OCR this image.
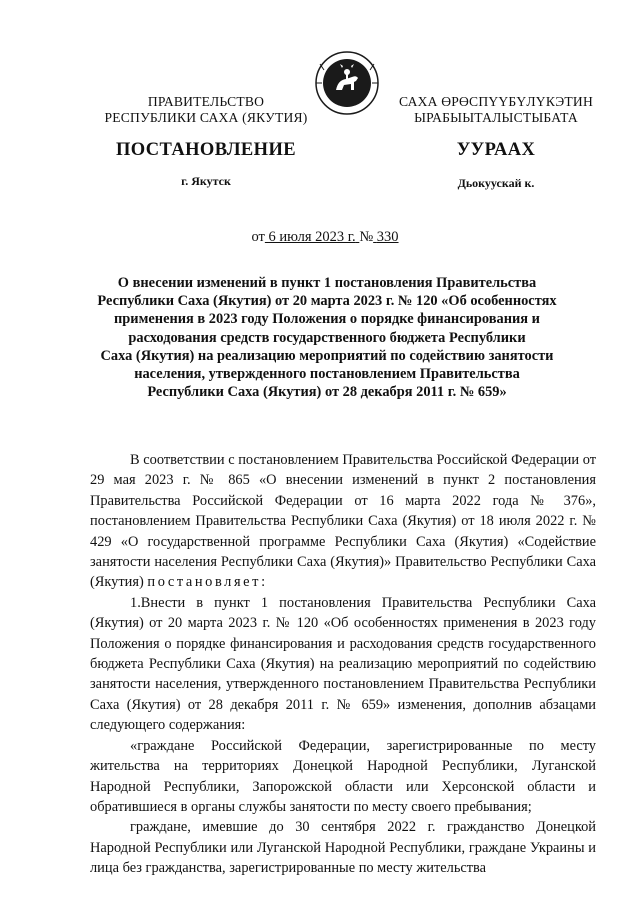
ПРАВИТЕЛЬСТВО
РЕСПУБЛИКИ САХА (ЯКУТИЯ)
САХА ӨРӨСПҮҮБҮЛҮКЭТИН
ЫРАБЫЫТАЛЫСТЫБАТА
ПОСТАНОВЛЕНИЕ	УУРААХ
г. Якутск	Дьокуускай к.
от 6 июля 2023 г. № 330
О внесении изменений в пункт 1 постановления Правительства
Республики Саха (Якутия) от 20 марта 2023 г. № 120 «Об особенностях
применения в 2023 году Положения о порядке финансирования и
расходования средств государственного бюджета Республики
Саха (Якутия) на реализацию мероприятий по содействию занятости
населения, утвержденного постановлением Правительства
Республики Саха (Якутия) от 28 декабря 2011 г. № 659»

В соответствии с постановлением Правительства Российской Федерации от 29 мая 2023 г. № 865 «О внесении изменений в пункт 2 постановления Правительства Российской Федерации от 16 марта 2022 года № 376», постановлением Правительства Республики Саха (Якутия) от 18 июля 2022 г. № 429 «О государственной программе Республики Саха (Якутия) «Содействие занятости населения Республики Саха (Якутия)» Правительство Республики Саха (Якутия) постановляет:

1.Внести в пункт 1 постановления Правительства Республики Саха (Якутия) от 20 марта 2023 г. № 120 «Об особенностях применения в 2023 году Положения о порядке финансирования и расходования средств государственного бюджета Республики Саха (Якутия) на реализацию мероприятий по содействию занятости населения, утвержденного постановлением Правительства Республики Саха (Якутия) от 28 декабря 2011 г. № 659» изменения, дополнив абзацами следующего содержания:

«граждане Российской Федерации, зарегистрированные по месту жительства на территориях Донецкой Народной Республики, Луганской Народной Республики, Запорожской области или Херсонской области и обратившиеся в органы службы занятости по месту своего пребывания;

граждане, имевшие до 30 сентября 2022 г. гражданство Донецкой Народной Республики или Луганской Народной Республики, граждане Украины и лица без гражданства, зарегистрированные по месту жительства
